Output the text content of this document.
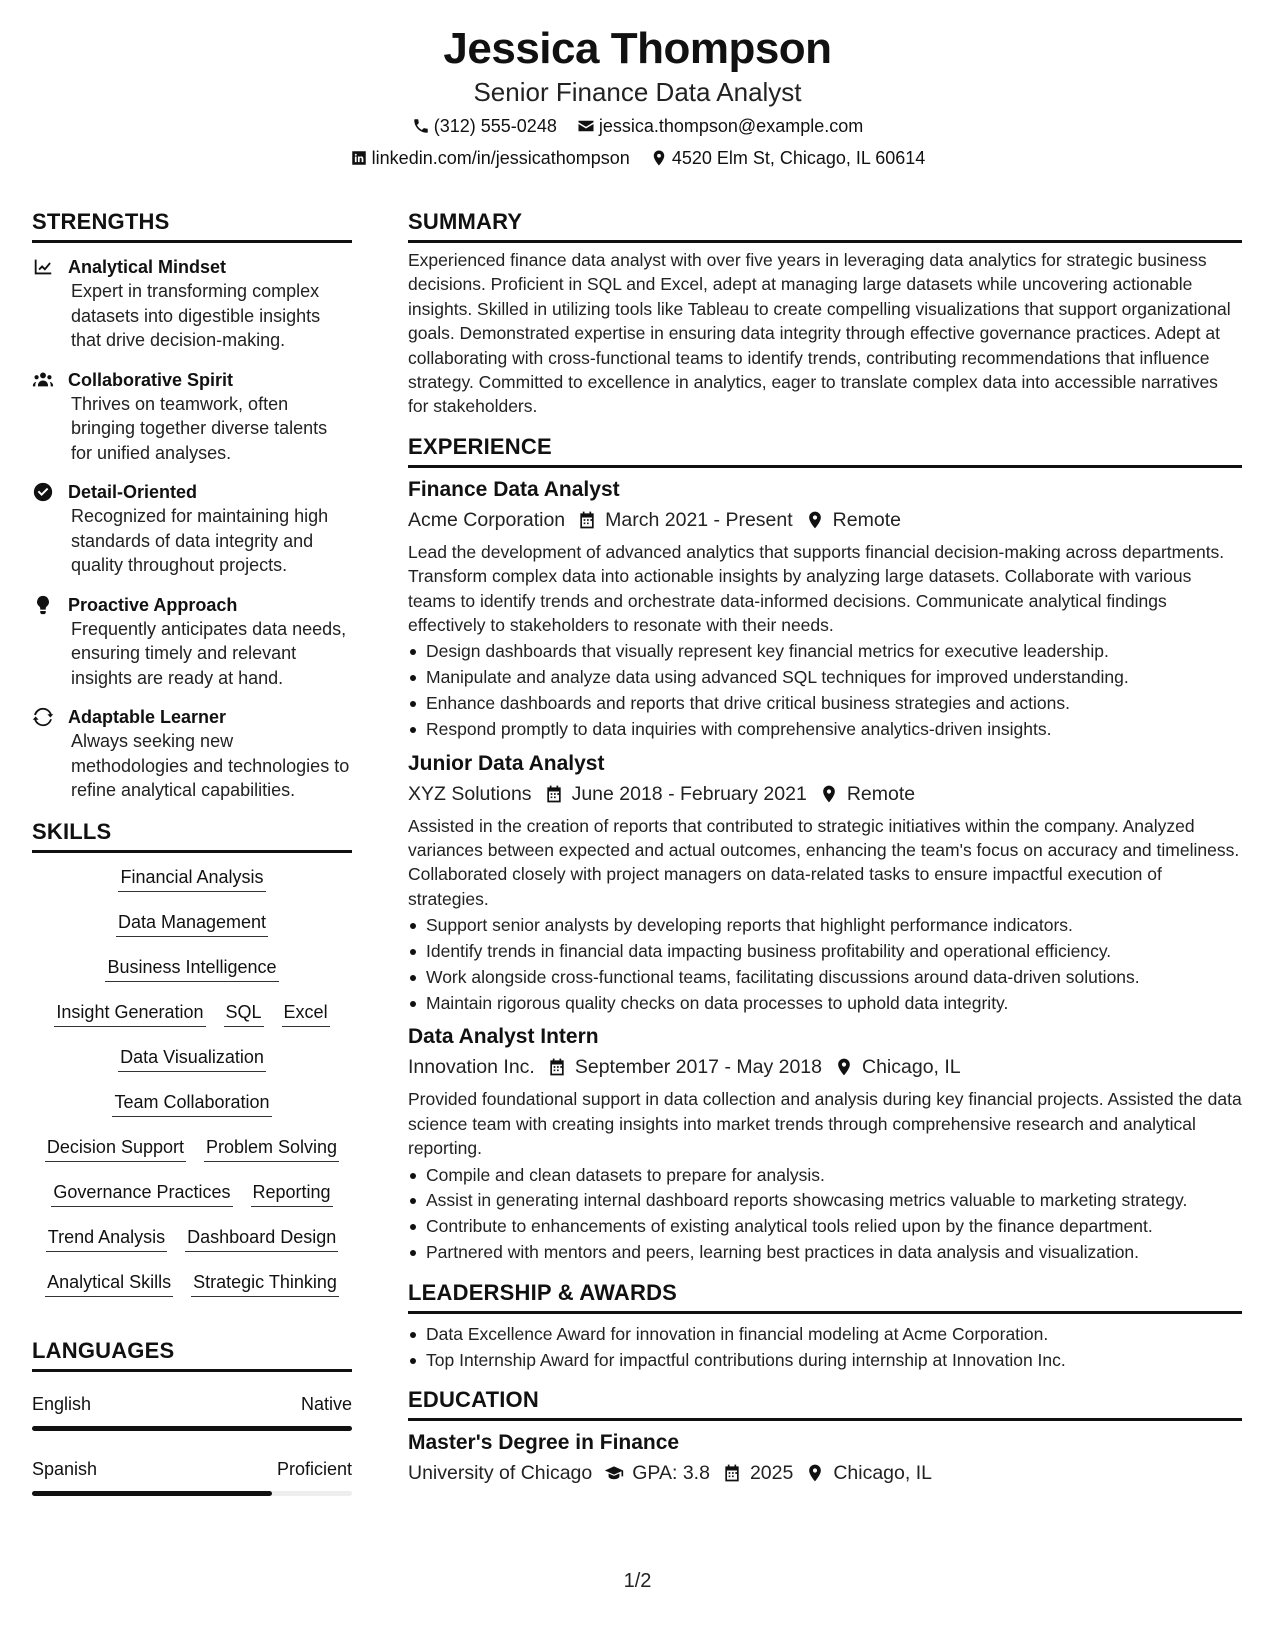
Jessica Thompson
Senior Finance Data Analyst
(312) 555-0248 jessica.thompson@example.com
linkedin.com/in/jessicathompson 4520 Elm St, Chicago, IL 60614
STRENGTHS
Analytical Mindset
Expert in transforming complex datasets into digestible insights that drive decision-making.
Collaborative Spirit
Thrives on teamwork, often bringing together diverse talents for unified analyses.
Detail-Oriented
Recognized for maintaining high standards of data integrity and quality throughout projects.
Proactive Approach
Frequently anticipates data needs, ensuring timely and relevant insights are ready at hand.
Adaptable Learner
Always seeking new methodologies and technologies to refine analytical capabilities.
SKILLS
Financial Analysis
Data Management
Business Intelligence
Insight Generation SQL Excel
Data Visualization
Team Collaboration
Decision Support Problem Solving
Governance Practices Reporting
Trend Analysis Dashboard Design
Analytical Skills Strategic Thinking
LANGUAGES
English	Native
Spanish	Proficient
SUMMARY
Experienced finance data analyst with over five years in leveraging data analytics for strategic business decisions. Proficient in SQL and Excel, adept at managing large datasets while uncovering actionable insights. Skilled in utilizing tools like Tableau to create compelling visualizations that support organizational goals. Demonstrated expertise in ensuring data integrity through effective governance practices. Adept at collaborating with cross-functional teams to identify trends, contributing recommendations that influence strategy. Committed to excellence in analytics, eager to translate complex data into accessible narratives for stakeholders.
EXPERIENCE
Finance Data Analyst
Acme Corporation March 2021 - Present Remote
Lead the development of advanced analytics that supports financial decision-making across departments. Transform complex data into actionable insights by analyzing large datasets. Collaborate with various teams to identify trends and orchestrate data-informed decisions. Communicate analytical findings effectively to stakeholders to resonate with their needs.
Design dashboards that visually represent key financial metrics for executive leadership.
Manipulate and analyze data using advanced SQL techniques for improved understanding.
Enhance dashboards and reports that drive critical business strategies and actions.
Respond promptly to data inquiries with comprehensive analytics-driven insights.
Junior Data Analyst
XYZ Solutions June 2018 - February 2021 Remote
Assisted in the creation of reports that contributed to strategic initiatives within the company. Analyzed variances between expected and actual outcomes, enhancing the team's focus on accuracy and timeliness. Collaborated closely with project managers on data-related tasks to ensure impactful execution of strategies.
Support senior analysts by developing reports that highlight performance indicators.
Identify trends in financial data impacting business profitability and operational efficiency.
Work alongside cross-functional teams, facilitating discussions around data-driven solutions.
Maintain rigorous quality checks on data processes to uphold data integrity.
Data Analyst Intern
Innovation Inc. September 2017 - May 2018 Chicago, IL
Provided foundational support in data collection and analysis during key financial projects. Assisted the data science team with creating insights into market trends through comprehensive research and analytical reporting.
Compile and clean datasets to prepare for analysis.
Assist in generating internal dashboard reports showcasing metrics valuable to marketing strategy.
Contribute to enhancements of existing analytical tools relied upon by the finance department.
Partnered with mentors and peers, learning best practices in data analysis and visualization.
LEADERSHIP & AWARDS
Data Excellence Award for innovation in financial modeling at Acme Corporation.
Top Internship Award for impactful contributions during internship at Innovation Inc.
EDUCATION
Master's Degree in Finance
University of Chicago GPA: 3.8 2025 Chicago, IL
1/2
